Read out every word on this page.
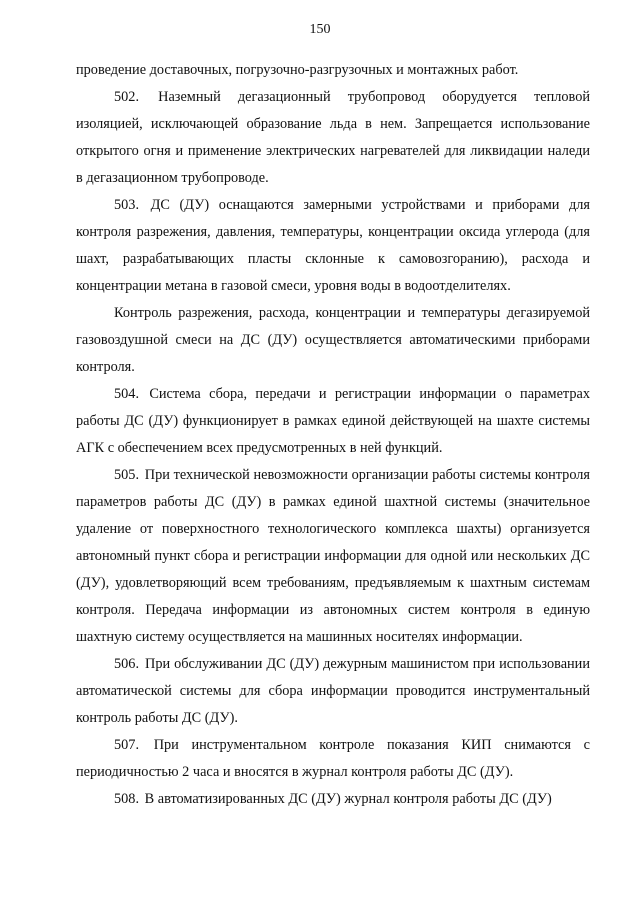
150

проведение доставочных, погрузочно-разгрузочных и монтажных работ.

502. Наземный дегазационный трубопровод оборудуется тепловой изоляцией, исключающей образование льда в нем. Запрещается использование открытого огня и применение электрических нагревателей для ликвидации наледи в дегазационном трубопроводе.

503. ДС (ДУ) оснащаются замерными устройствами и приборами для контроля разрежения, давления, температуры, концентрации оксида углерода (для шахт, разрабатывающих пласты склонные к самовозгоранию), расхода и концентрации метана в газовой смеси, уровня воды в водоотделителях.

Контроль разрежения, расхода, концентрации и температуры дегазируемой газовоздушной смеси на ДС (ДУ) осуществляется автоматическими приборами контроля.

504. Система сбора, передачи и регистрации информации о параметрах работы ДС (ДУ) функционирует в рамках единой действующей на шахте системы АГК с обеспечением всех предусмотренных в ней функций.

505. При технической невозможности организации работы системы контроля параметров работы ДС (ДУ) в рамках единой шахтной системы (значительное удаление от поверхностного технологического комплекса шахты) организуется автономный пункт сбора и регистрации информации для одной или нескольких ДС (ДУ), удовлетворяющий всем требованиям, предъявляемым к шахтным системам контроля. Передача информации из автономных систем контроля в единую шахтную систему осуществляется на машинных носителях информации.

506. При обслуживании ДС (ДУ) дежурным машинистом при использовании автоматической системы для сбора информации проводится инструментальный контроль работы ДС (ДУ).

507. При инструментальном контроле показания КИП снимаются с периодичностью 2 часа и вносятся в журнал контроля работы ДС (ДУ).

508. В автоматизированных ДС (ДУ) журнал контроля работы ДС (ДУ)
